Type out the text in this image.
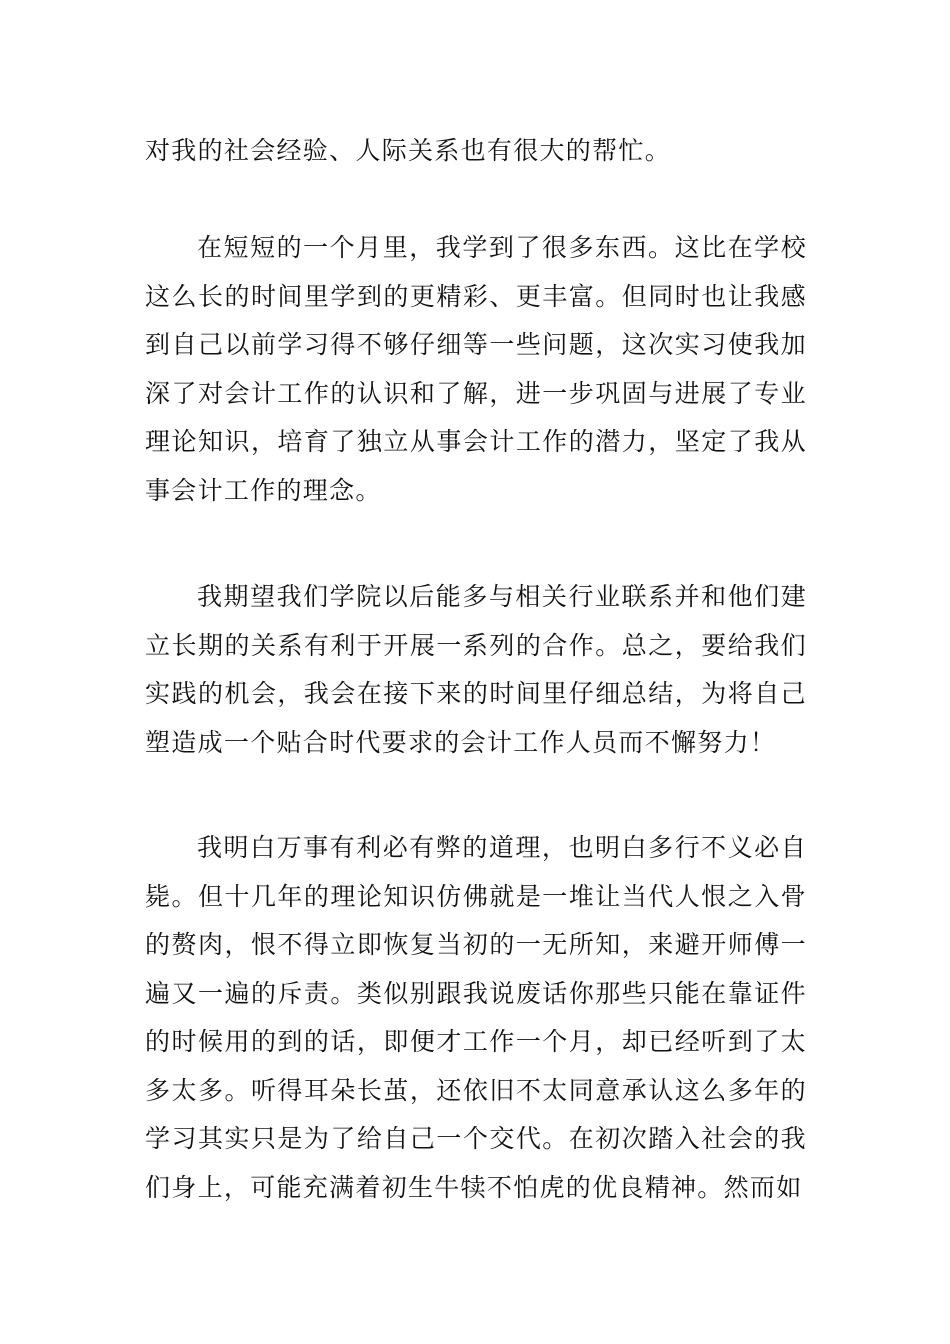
对我的社会经验、人际关系也有很大的帮忙。

在短短的一个月里，我学到了很多东西。这比在学校这么长的时间里学到的更精彩、更丰富。但同时也让我感到自己以前学习得不够仔细等一些问题，这次实习使我加深了对会计工作的认识和了解，进一步巩固与进展了专业理论知识，培育了独立从事会计工作的潜力，坚定了我从事会计工作的理念。

我期望我们学院以后能多与相关行业联系并和他们建立长期的关系有利于开展一系列的合作。总之，要给我们实践的机会，我会在接下来的时间里仔细总结，为将自己塑造成一个贴合时代要求的会计工作人员而不懈努力！

我明白万事有利必有弊的道理，也明白多行不义必自毙。但十几年的理论知识仿佛就是一堆让当代人恨之入骨的赘肉，恨不得立即恢复当初的一无所知，来避开师傅一遍又一遍的斥责。类似别跟我说废话你那些只能在靠证件的时候用的到的话，即便才工作一个月，却已经听到了太多太多。听得耳朵长茧，还依旧不太同意承认这么多年的学习其实只是为了给自己一个交代。在初次踏入社会的我们身上，可能充满着初生牛犊不怕虎的优良精神。然而如
